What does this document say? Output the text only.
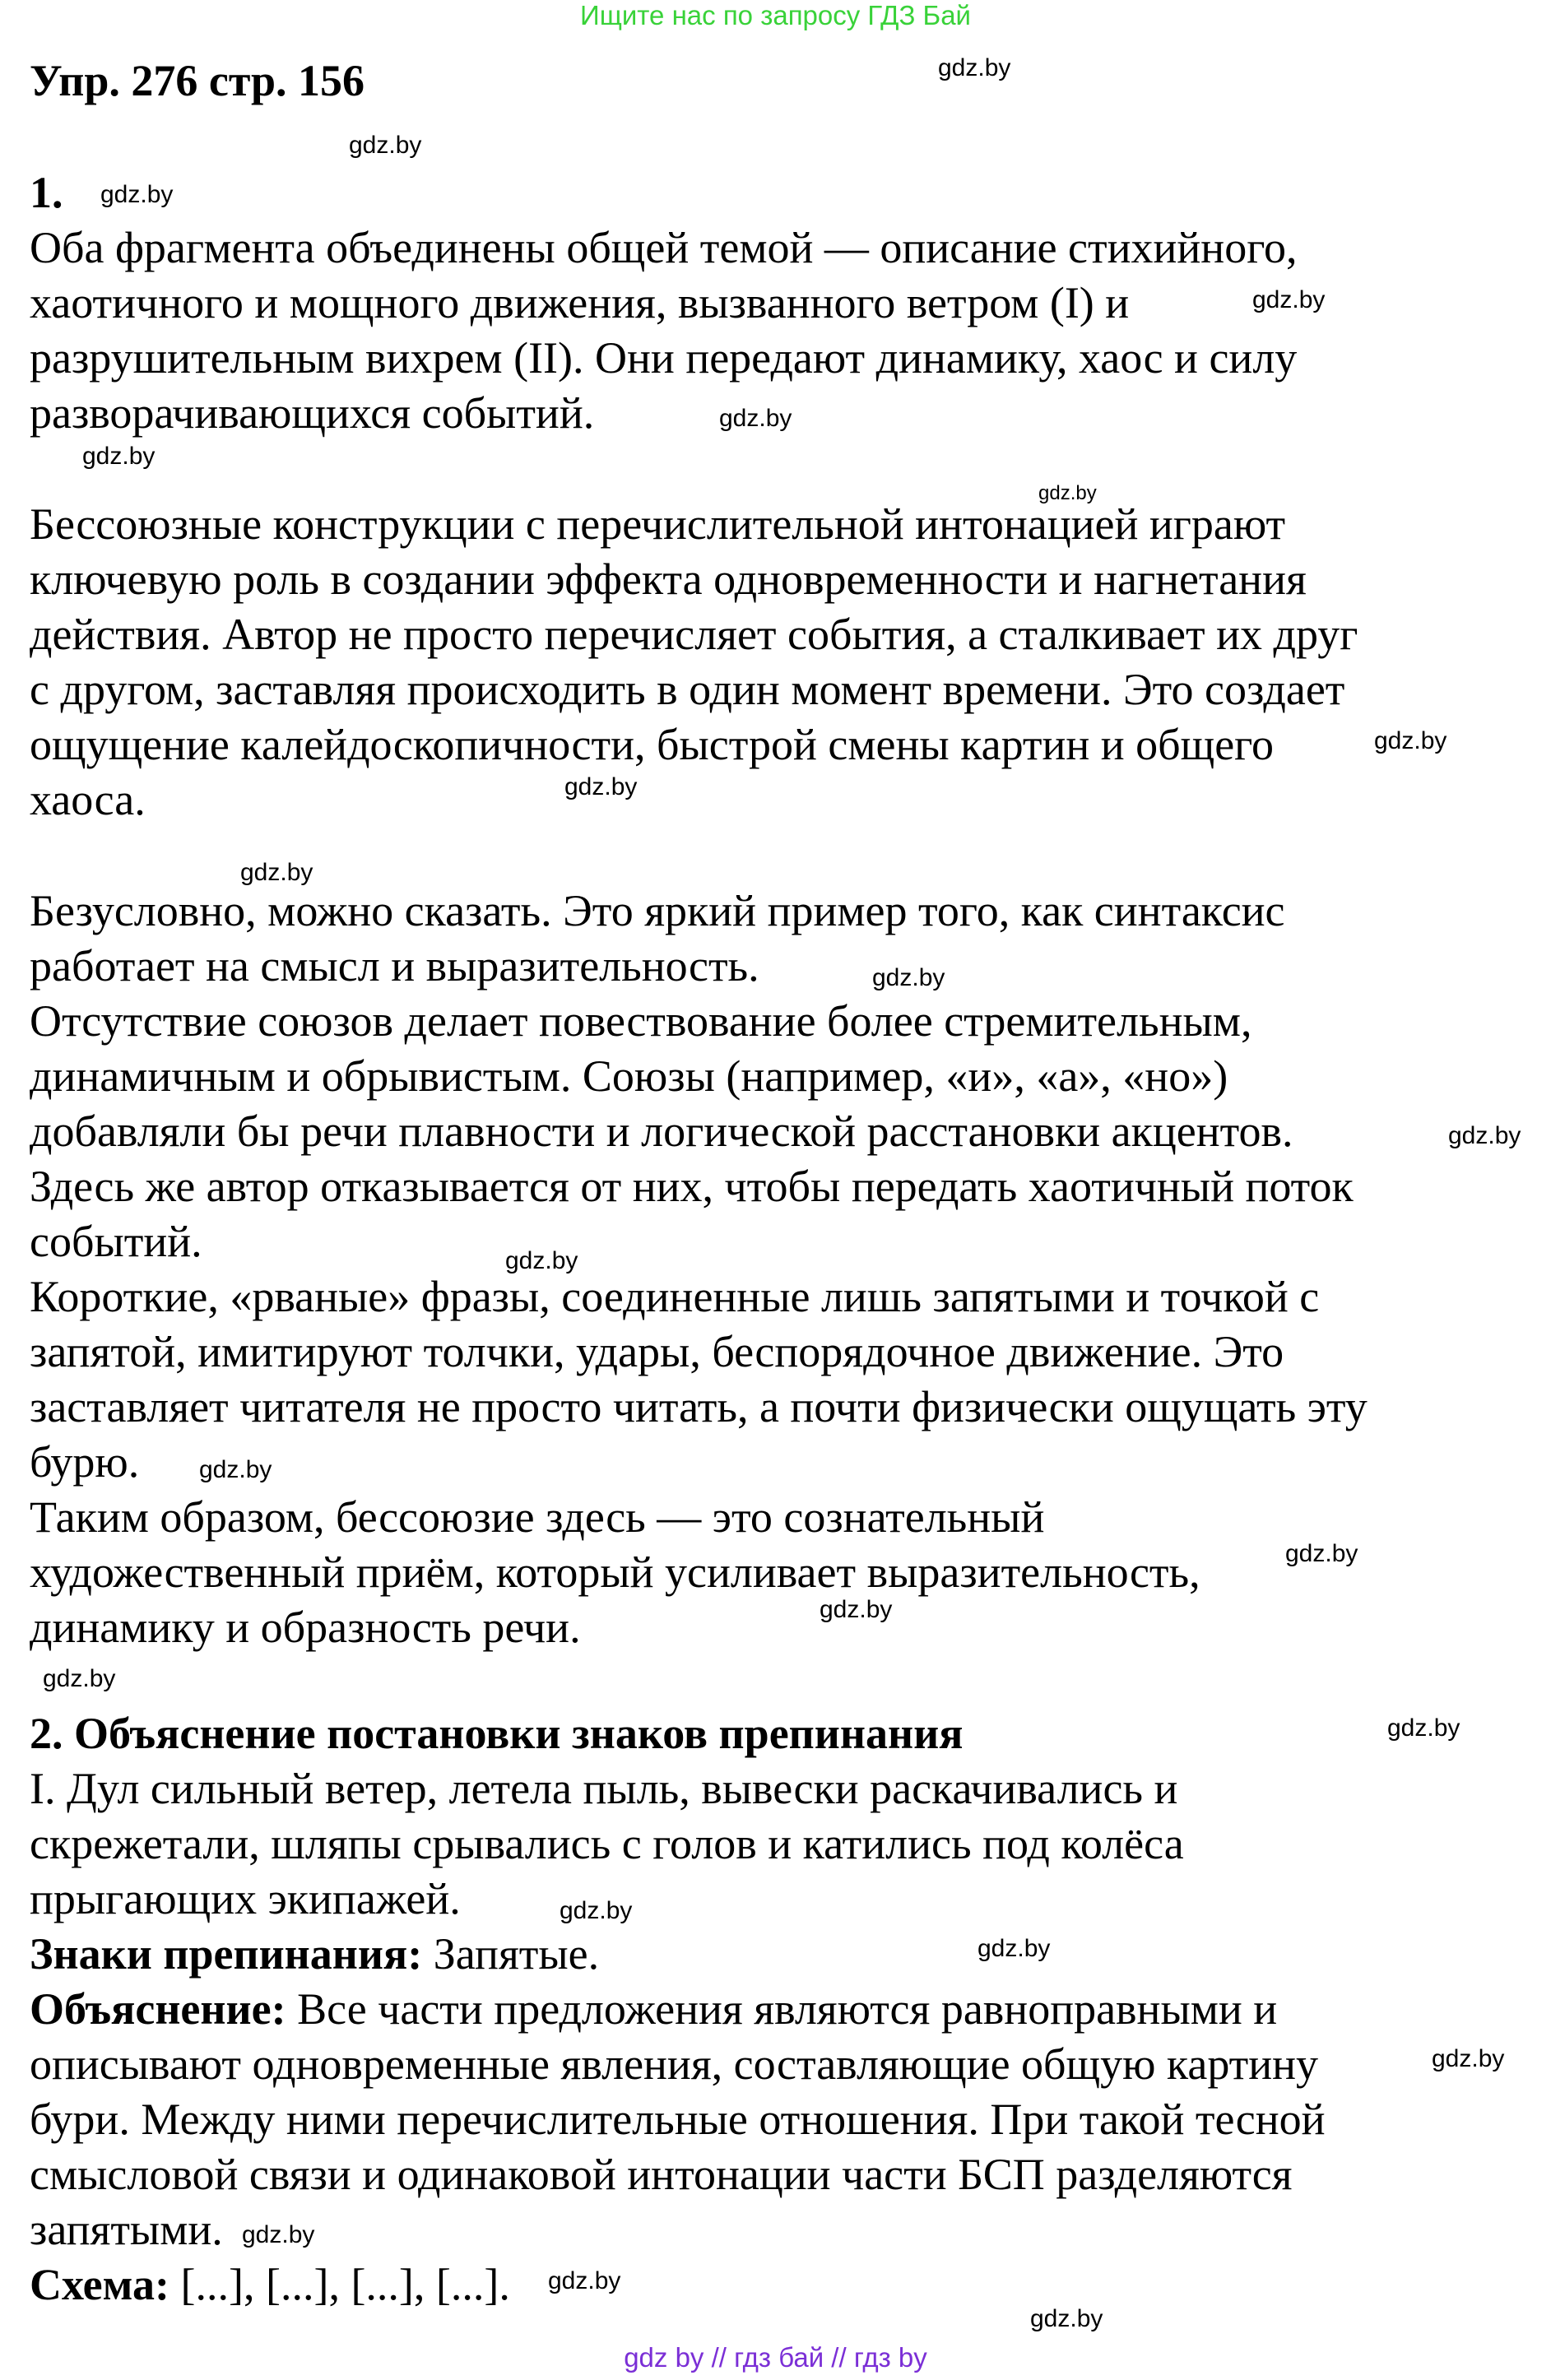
Ищите нас по запросу ГДЗ Бай
Упр. 276 стр. 156
1.

Оба фрагмента объединены общей темой — описание стихийного,
хаотичного и мощного движения, вызванного ветром (I) и
разрушительным вихрем (II). Они передают динамику, хаос и силу
разворачивающихся событий.

Бессоюзные конструкции с перечислительной интонацией играют
ключевую роль в создании эффекта одновременности и нагнетания
действия. Автор не просто перечисляет события, а сталкивает их друг
с другом, заставляя происходить в один момент времени. Это создает
ощущение калейдоскопичности, быстрой смены картин и общего
хаоса.

Безусловно, можно сказать. Это яркий пример того, как синтаксис
работает на смысл и выразительность.
Отсутствие союзов делает повествование более стремительным,
динамичным и обрывистым. Союзы (например, «и», «а», «но»)
добавляли бы речи плавности и логической расстановки акцентов.
Здесь же автор отказывается от них, чтобы передать хаотичный поток
событий.
Короткие, «рваные» фразы, соединенные лишь запятыми и точкой с
запятой, имитируют толчки, удары, беспорядочное движение. Это
заставляет читателя не просто читать, а почти физически ощущать эту
бурю.
Таким образом, бессоюзие здесь — это сознательный
художественный приём, который усиливает выразительность,
динамику и образность речи.

2. Объяснение постановки знаков препинания

I. Дул сильный ветер, летела пыль, вывески раскачивались и
скрежетали, шляпы срывались с голов и катились под колёса
прыгающих экипажей.
Знаки препинания: Запятые.
Объяснение: Все части предложения являются равноправными и
описывают одновременные явления, составляющие общую картину
бури. Между ними перечислительные отношения. При такой тесной
смысловой связи и одинаковой интонации части БСП разделяются
запятыми.
Схема: [...], [...], [...], [...].

gdz.by
gdz.by
gdz.by
gdz.by
gdz.by
gdz.by
gdz.by
gdz.by
gdz.by
gdz.by
gdz.by
gdz.by
gdz.by
gdz.by
gdz.by
gdz.by
gdz.by
gdz.by
gdz.by
gdz.by
gdz.by
gdz.by
gdz.by
gdz.by
gdz by // гдз бай // гдз by
